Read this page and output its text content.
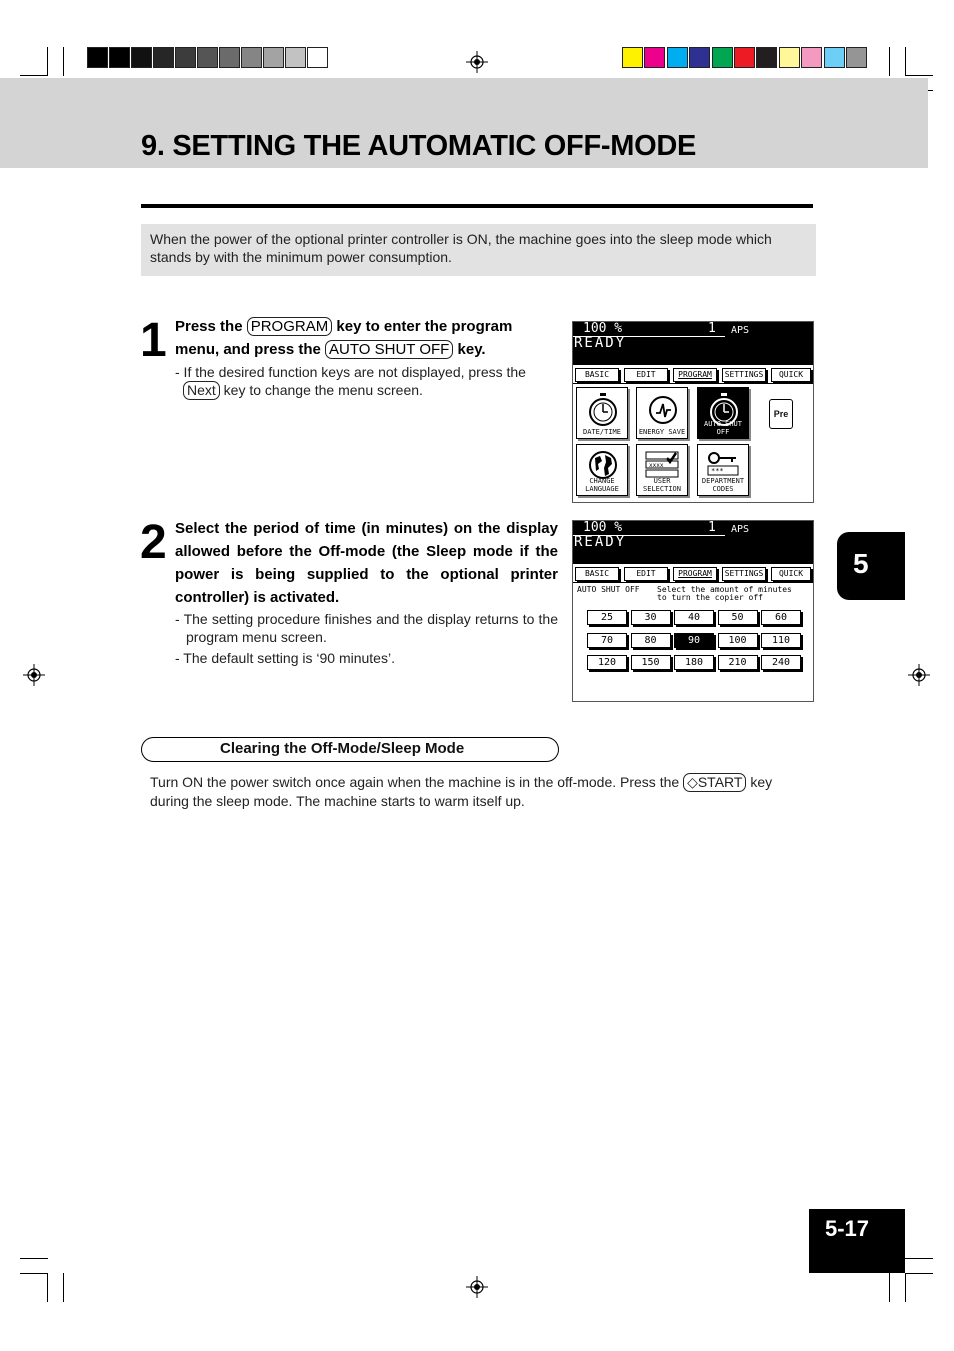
9. SETTING THE AUTOMATIC OFF-MODE
When the power of the optional printer controller is ON, the machine goes into the sleep mode which stands by with the minimum power consumption.
1 Press the PROGRAM key to enter the program
menu, and press the AUTO SHUT OFF key.
- If the desired function keys are not displayed, press the
Next key to change the menu screen.
100 %	1 APS
READY
BASIC	EDIT	PROGRAM	SETTINGS	QUICK
DATE/TIME	ENERGY SAVE
AUTO SHUT OFF
Pre
CHANGE LANGUAGE
xxxx
USER SELECTION
***_
DEPARTMENT CODES
2 Select the period of time (in minutes) on the display allowed before the Off-mode (the Sleep mode if the power is being supplied to the optional printer controller) is activated.
- The setting procedure finishes and the display returns to the program menu screen.
- The default setting is ‘90 minutes’.
100 %	1 APS
READY
BASIC	EDIT	PROGRAM	SETTINGS	QUICK
AUTO SHUT OFF Select the amount of minutes
to turn the copier off
25	30	40	50	60
70	80	90	100	110
120	150	180	210	240
5
Clearing the Off-Mode/Sleep Mode
Turn ON the power switch once again when the machine is in the off-mode. Press the ◇START key during the sleep mode. The machine starts to warm itself up.
5-17
